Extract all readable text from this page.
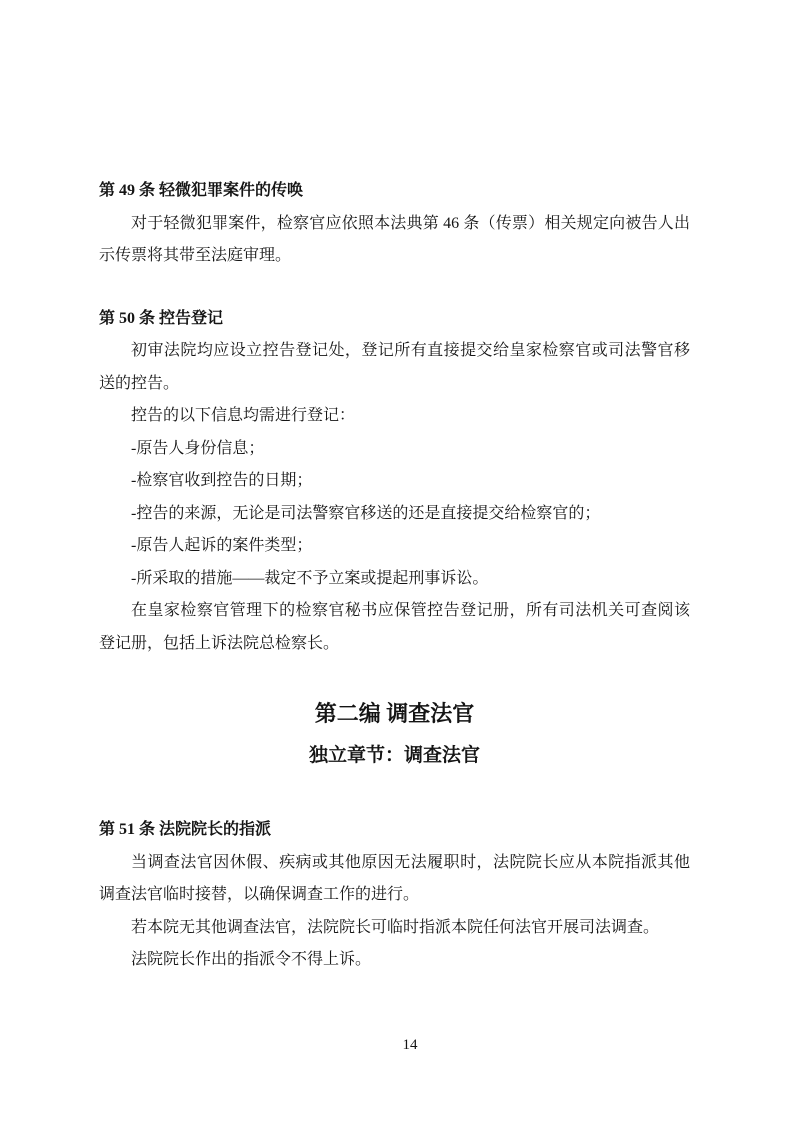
第 49 条 轻微犯罪案件的传唤

对于轻微犯罪案件，检察官应依照本法典第 46 条（传票）相关规定向被告人出示传票将其带至法庭审理。

第 50 条 控告登记

初审法院均应设立控告登记处，登记所有直接提交给皇家检察官或司法警官移送的控告。

控告的以下信息均需进行登记：

-原告人身份信息；

-检察官收到控告的日期；

-控告的来源，无论是司法警察官移送的还是直接提交给检察官的；

-原告人起诉的案件类型；

-所采取的措施——裁定不予立案或提起刑事诉讼。

在皇家检察官管理下的检察官秘书应保管控告登记册，所有司法机关可查阅该登记册，包括上诉法院总检察长。

第二编 调查法官
独立章节：调查法官
第 51 条 法院院长的指派

当调查法官因休假、疾病或其他原因无法履职时，法院院长应从本院指派其他调查法官临时接替，以确保调查工作的进行。

若本院无其他调查法官，法院院长可临时指派本院任何法官开展司法调查。

法院院长作出的指派令不得上诉。

14
